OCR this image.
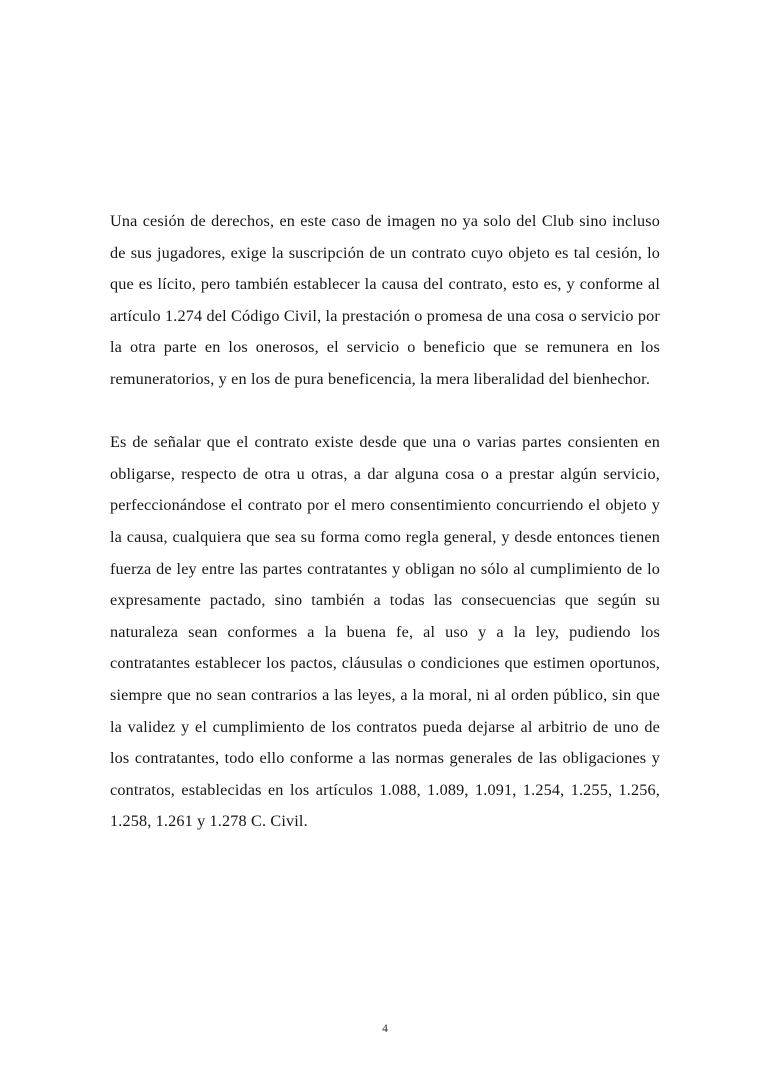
Una cesión de derechos, en este caso de imagen no ya solo del Club sino incluso de sus jugadores, exige la suscripción de un contrato cuyo objeto es tal cesión, lo que es lícito, pero también establecer la causa del contrato, esto es, y conforme al artículo 1.274 del Código Civil, la prestación o promesa de una cosa o servicio por la otra parte en los onerosos, el servicio o beneficio que se remunera en los remuneratorios, y en los de pura beneficencia, la mera liberalidad del bienhechor.

Es de señalar que el contrato existe desde que una o varias partes consienten en obligarse, respecto de otra u otras, a dar alguna cosa o a prestar algún servicio, perfeccionándose el contrato por el mero consentimiento concurriendo el objeto y la causa, cualquiera que sea su forma como regla general, y desde entonces tienen fuerza de ley entre las partes contratantes y obligan no sólo al cumplimiento de lo expresamente pactado, sino también a todas las consecuencias que según su naturaleza sean conformes a la buena fe, al uso y a la ley, pudiendo los contratantes establecer los pactos, cláusulas o condiciones que estimen oportunos, siempre que no sean contrarios a las leyes, a la moral, ni al orden público, sin que la validez y el cumplimiento de los contratos pueda dejarse al arbitrio de uno de los contratantes, todo ello conforme a las normas generales de las obligaciones y contratos, establecidas en los artículos 1.088, 1.089, 1.091, 1.254, 1.255, 1.256, 1.258, 1.261 y 1.278 C. Civil.

4
